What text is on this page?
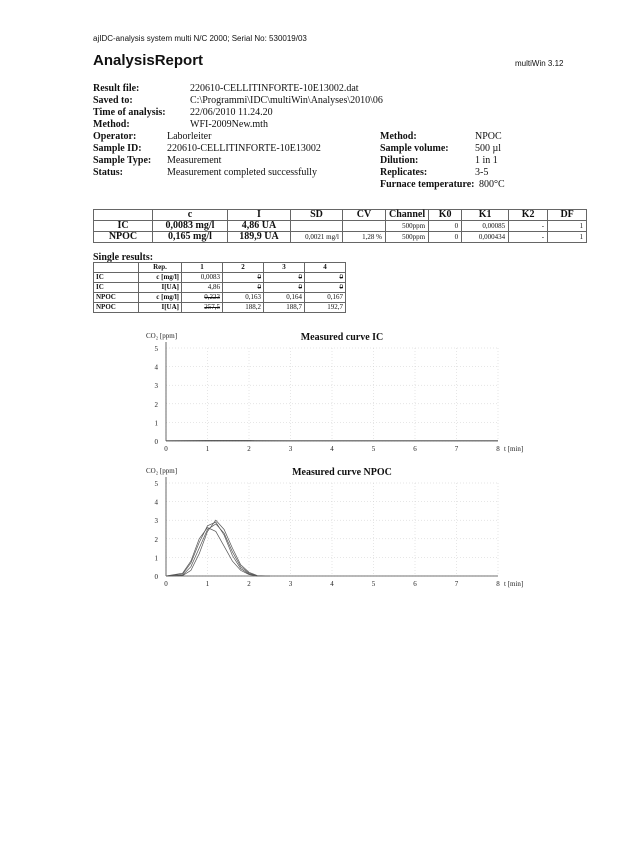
ajIDC-analysis system multi N/C 2000; Serial No: 530019/03
AnalysisReport	multiWin 3.12
Result file:	220610-CELLITINFORTE-10E13002.dat
Saved to:	C:\Programmi\IDC\multiWin\Analyses\2010\06
Time of analysis: 22/06/2010 11.24.20
Method:	WFI-2009New.mth
Operator:	Laborleiter
Sample ID:	220610-CELLITINFORTE-10E13002
Sample Type: Measurement
Status:	Measurement completed successfully
Method:	NPOC
Sample volume:	500 µl
Dilution:	1 in 1
Replicates:	3-5
Furnace temperature: 800°C
	c	I	SD	CV	Channel	K0	K1	K2	DF
IC	0,0083 mg/l	4,86 UA			500ppm	0	0,00085	-	1
NPOC	0,165 mg/l	189,9 UA	0,0021 mg/l	1,28 %	500ppm	0	0,000434	-	1
Single results:
	Rep.	1	2	3	4
IC	c [mg/l]	0,0083	0	0	0
IC	I[UA]	4,86	0	0	0
NPOC	c [mg/l]	0,223	0,163	0,164	0,167
NPOC	I[UA]	257,5	188,2	188,7	192,7
0
1
2
3
4
5
0	1	2	3	4	5	6	7	8
CO₂ [ppm]
t [min]
Measured curve IC
0
1
2
3
4
5
0	1	2	3	4	5	6	7	8
CO₂ [ppm]
t [min]
Measured curve NPOC
